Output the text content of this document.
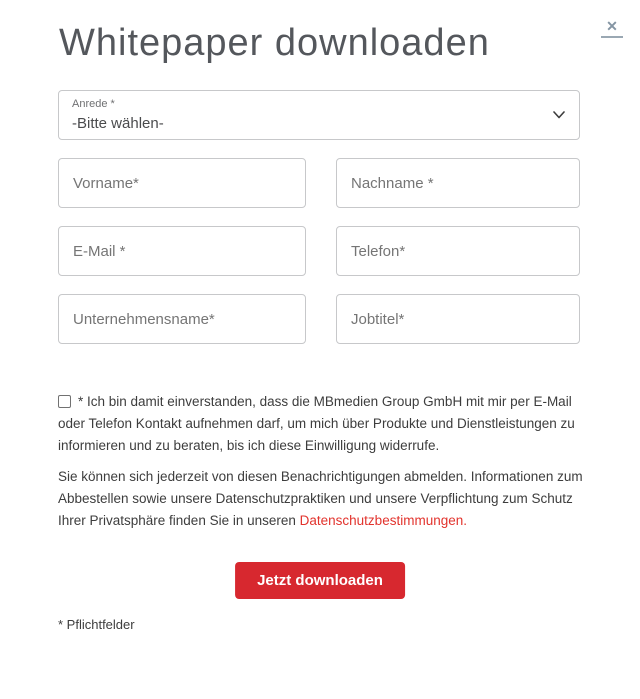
Whitepaper downloaden	✕
Anrede *
-Bitte wählen-
Vorname*
Nachname *
E-Mail *
Telefon*
Unternehmensname*
Jobtitel*
* Ich bin damit einverstanden, dass die MBmedien Group GmbH mit mir per E-Mail oder Telefon Kontakt aufnehmen darf, um mich über Produkte und Dienstleistungen zu informieren und zu beraten, bis ich diese Einwilligung widerrufe.
Sie können sich jederzeit von diesen Benachrichtigungen abmelden. Informationen zum Abbestellen sowie unsere Datenschutzpraktiken und unsere Verpflichtung zum Schutz Ihrer Privatsphäre finden Sie in unseren Datenschutzbestimmungen.
Jetzt downloaden
* Pflichtfelder
